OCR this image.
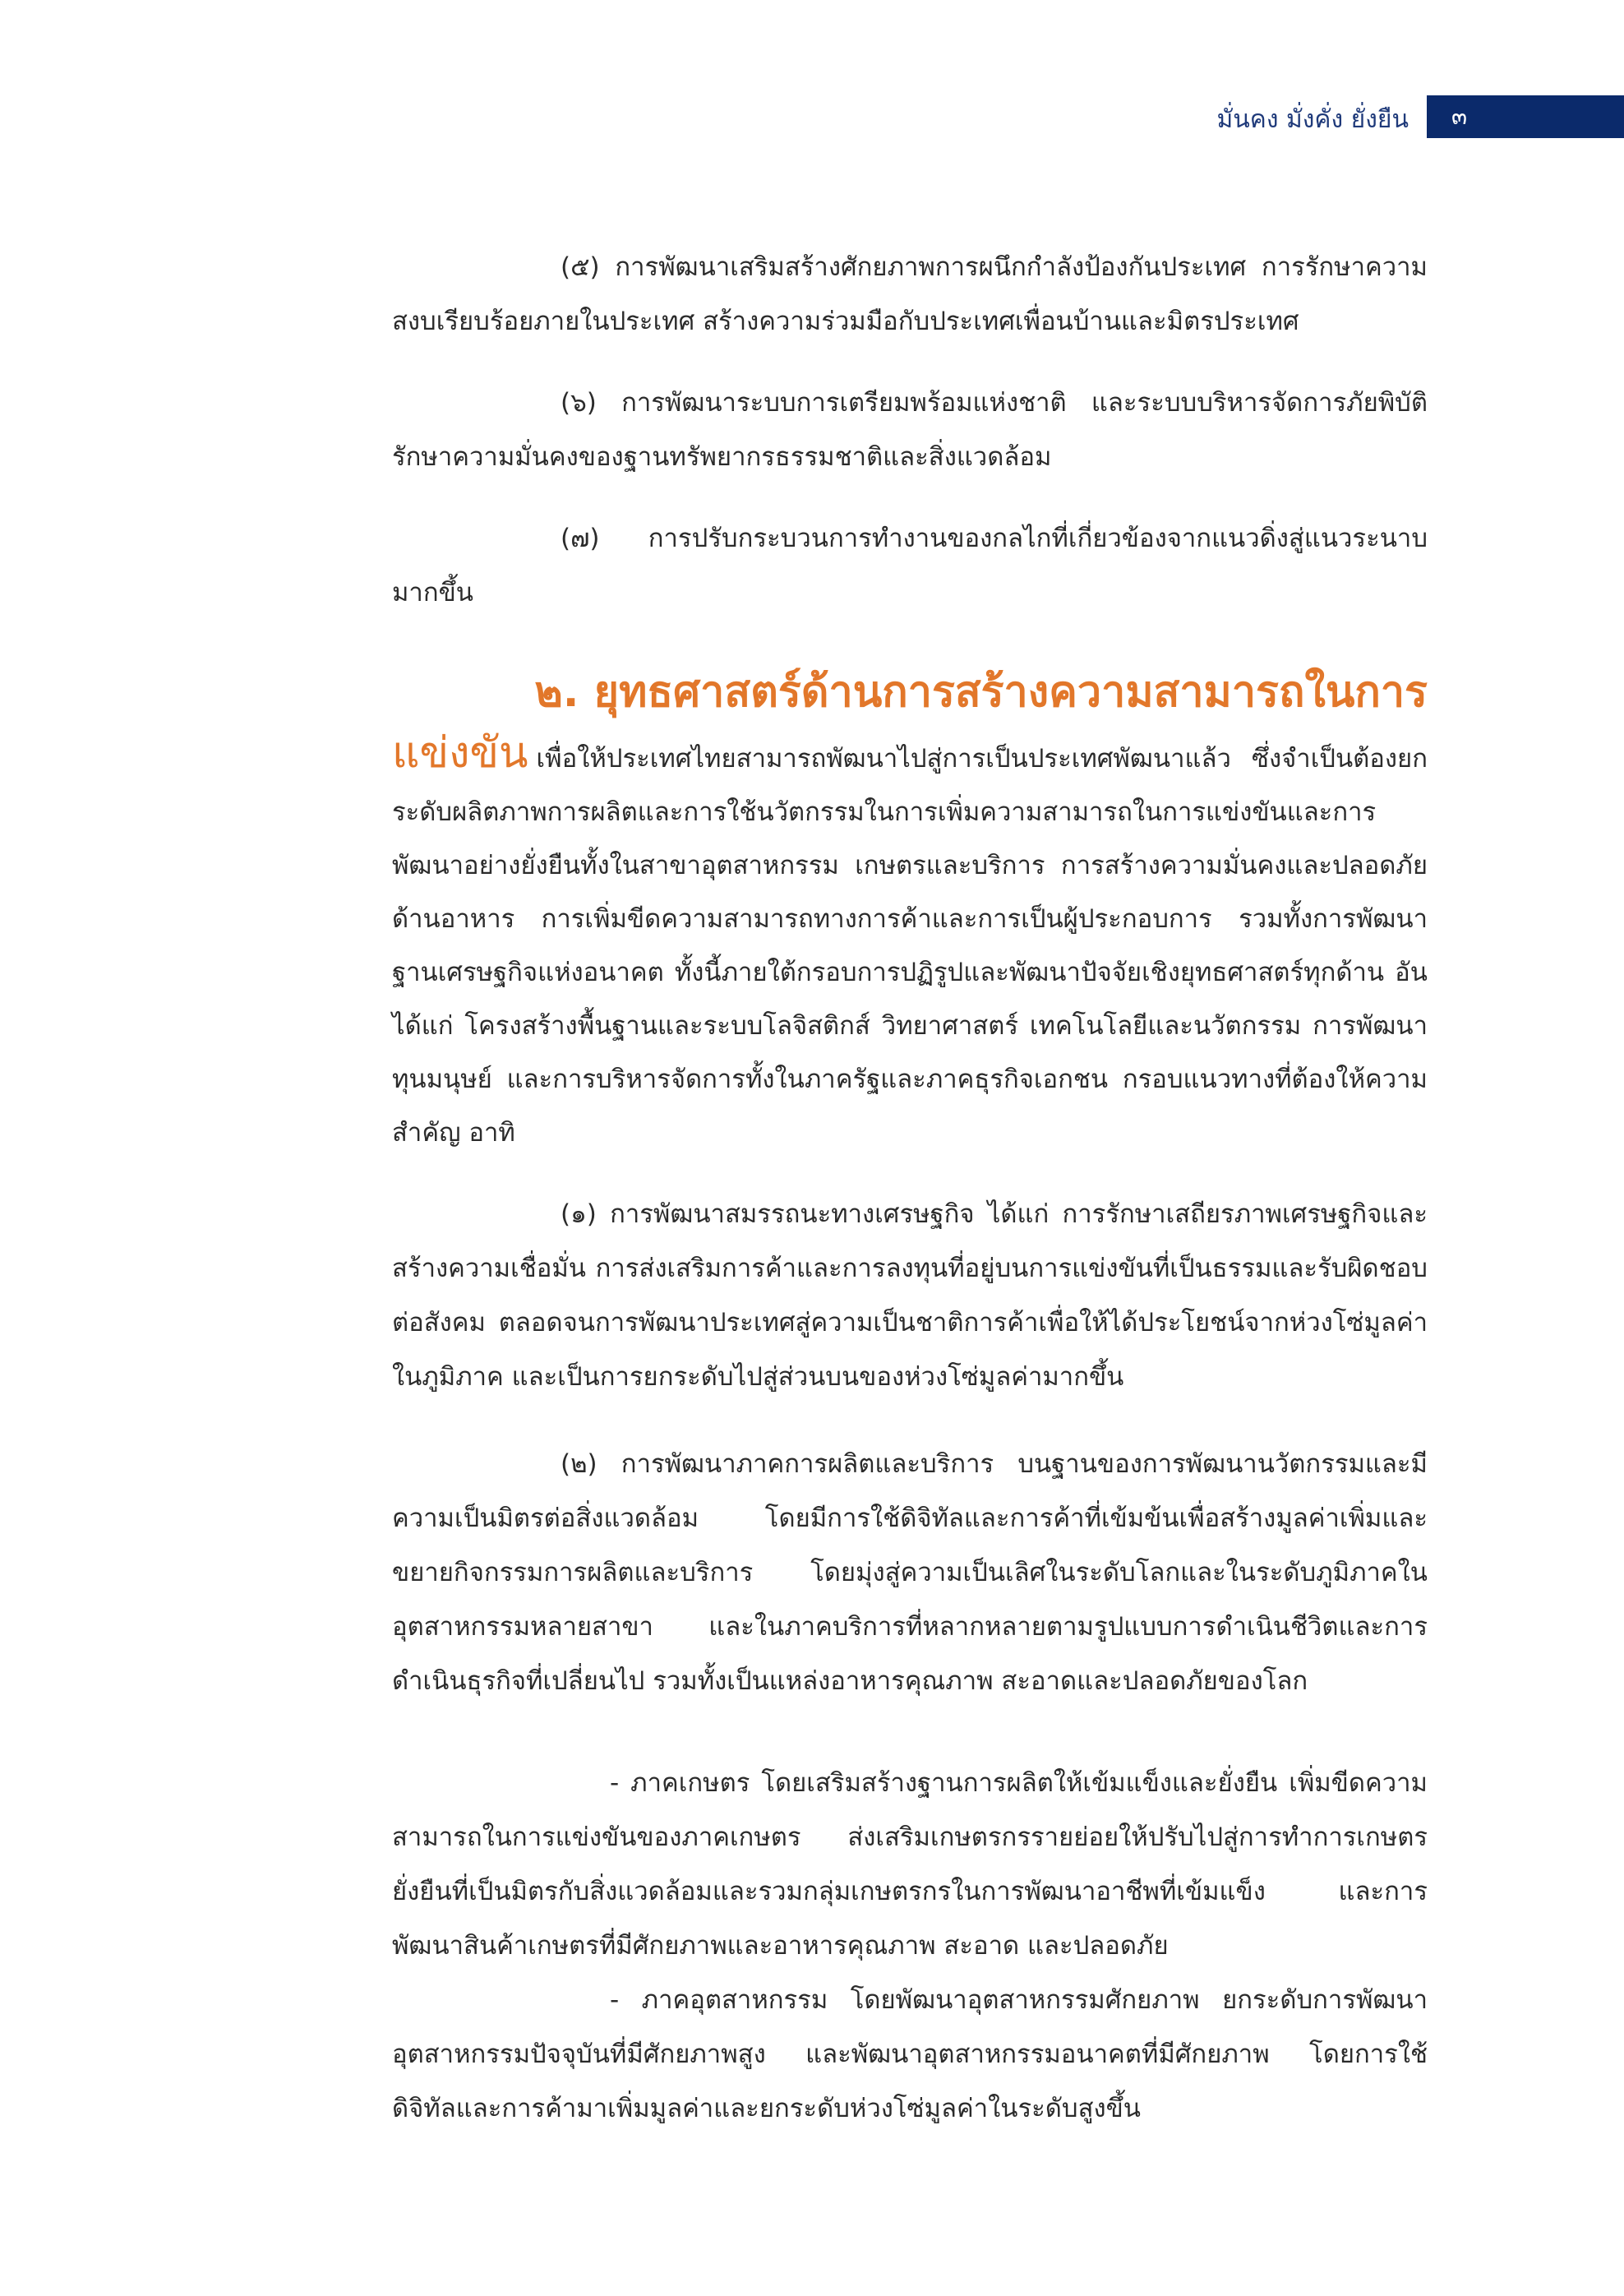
มั่นคง มั่งคั่ง ยั่งยืน	๓

(๕) การพัฒนาเสริมสร้างศักยภาพการผนึกกำลังป้องกันประเทศ การรักษาความสงบเรียบร้อยภายในประเทศ สร้างความร่วมมือกับประเทศเพื่อนบ้านและมิตรประเทศ

(๖) การพัฒนาระบบการเตรียมพร้อมแห่งชาติ และระบบบริหารจัดการภัยพิบัติ รักษาความมั่นคงของฐานทรัพยากรธรรมชาติและสิ่งแวดล้อม

(๗) การปรับกระบวนการทำงานของกลไกที่เกี่ยวข้องจากแนวดิ่งสู่แนวระนาบมากขึ้น

๒. ยุทธศาสตร์ด้านการสร้างความสามารถในการ

แข่งขัน เพื่อให้ประเทศไทยสามารถพัฒนาไปสู่การเป็นประเทศพัฒนาแล้ว ซึ่งจำเป็นต้องยกระดับผลิตภาพการผลิตและการใช้นวัตกรรมในการเพิ่มความสามารถในการแข่งขันและการพัฒนาอย่างยั่งยืนทั้งในสาขาอุตสาหกรรม เกษตรและบริการ การสร้างความมั่นคงและปลอดภัยด้านอาหาร การเพิ่มขีดความสามารถทางการค้าและการเป็นผู้ประกอบการ รวมทั้งการพัฒนาฐานเศรษฐกิจแห่งอนาคต ทั้งนี้ภายใต้กรอบการปฏิรูปและพัฒนาปัจจัยเชิงยุทธศาสตร์ทุกด้าน อันได้แก่ โครงสร้างพื้นฐานและระบบโลจิสติกส์ วิทยาศาสตร์ เทคโนโลยีและนวัตกรรม การพัฒนาทุนมนุษย์ และการบริหารจัดการทั้งในภาครัฐและภาคธุรกิจเอกชน กรอบแนวทางที่ต้องให้ความสำคัญ อาทิ

(๑) การพัฒนาสมรรถนะทางเศรษฐกิจ ได้แก่ การรักษาเสถียรภาพเศรษฐกิจและสร้างความเชื่อมั่น การส่งเสริมการค้าและการลงทุนที่อยู่บนการแข่งขันที่เป็นธรรมและรับผิดชอบต่อสังคม ตลอดจนการพัฒนาประเทศสู่ความเป็นชาติการค้าเพื่อให้ได้ประโยชน์จากห่วงโซ่มูลค่าในภูมิภาค และเป็นการยกระดับไปสู่ส่วนบนของห่วงโซ่มูลค่ามากขึ้น

(๒) การพัฒนาภาคการผลิตและบริการ บนฐานของการพัฒนานวัตกรรมและมีความเป็นมิตรต่อสิ่งแวดล้อม โดยมีการใช้ดิจิทัลและการค้าที่เข้มข้นเพื่อสร้างมูลค่าเพิ่มและขยายกิจกรรมการผลิตและบริการ โดยมุ่งสู่ความเป็นเลิศในระดับโลกและในระดับภูมิภาคในอุตสาหกรรมหลายสาขา และในภาคบริการที่หลากหลายตามรูปแบบการดำเนินชีวิตและการดำเนินธุรกิจที่เปลี่ยนไป รวมทั้งเป็นแหล่งอาหารคุณภาพ สะอาดและปลอดภัยของโลก

- ภาคเกษตร โดยเสริมสร้างฐานการผลิตให้เข้มแข็งและยั่งยืน เพิ่มขีดความสามารถในการแข่งขันของภาคเกษตร ส่งเสริมเกษตรกรรายย่อยให้ปรับไปสู่การทำการเกษตรยั่งยืนที่เป็นมิตรกับสิ่งแวดล้อมและรวมกลุ่มเกษตรกรในการพัฒนาอาชีพที่เข้มแข็ง และการพัฒนาสินค้าเกษตรที่มีศักยภาพและอาหารคุณภาพ สะอาด และปลอดภัย

- ภาคอุตสาหกรรม โดยพัฒนาอุตสาหกรรมศักยภาพ ยกระดับการพัฒนาอุตสาหกรรมปัจจุบันที่มีศักยภาพสูง และพัฒนาอุตสาหกรรมอนาคตที่มีศักยภาพ โดยการใช้ดิจิทัลและการค้ามาเพิ่มมูลค่าและยกระดับห่วงโซ่มูลค่าในระดับสูงขึ้น
